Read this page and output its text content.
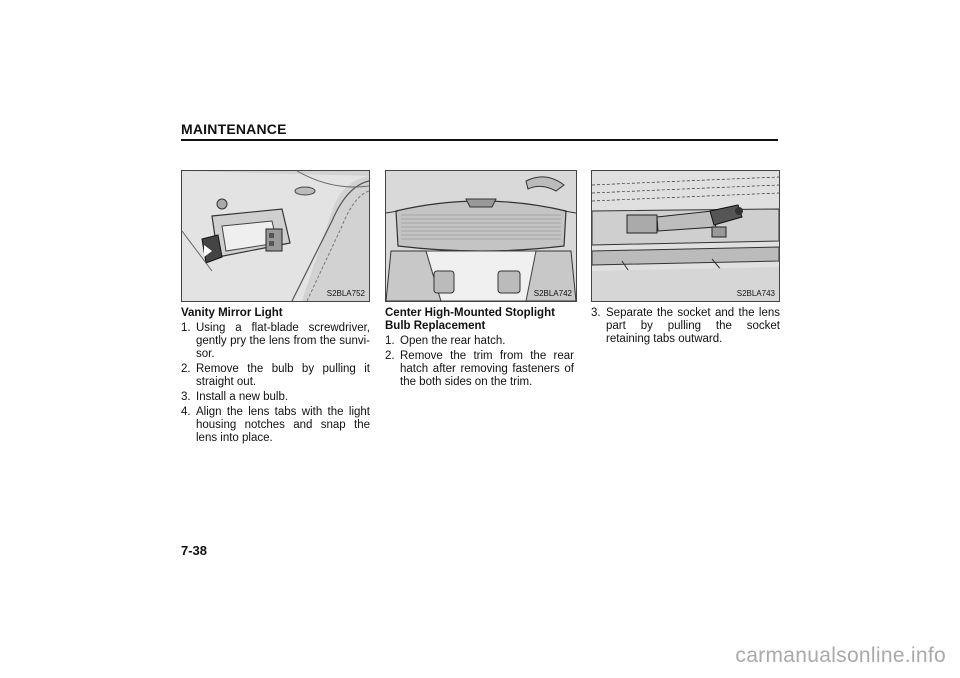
MAINTENANCE
S2BLA752	S2BLA742	S2BLA743
Vanity Mirror Light
1. Using a flat-blade screwdriver, gently pry the lens from the sunvi-sor.
2. Remove the bulb by pulling it straight out.
3. Install a new bulb.
4. Align the lens tabs with the light housing notches and snap the lens into place.
Center High-Mounted Stoplight Bulb Replacement
1. Open the rear hatch.
2. Remove the trim from the rear hatch after removing fasteners of the both sides on the trim.
3. Separate the socket and the lens part by pulling the socket retaining tabs outward.
7-38
carmanualsonline.info
